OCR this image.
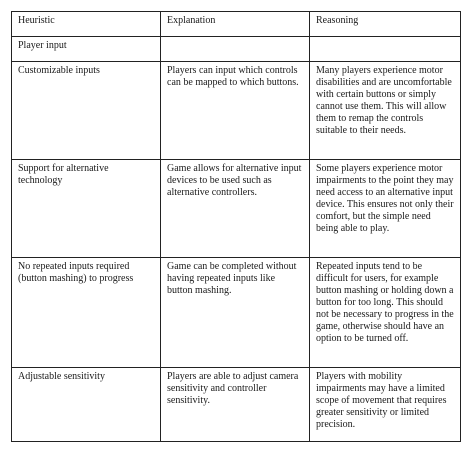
Heuristic	Explanation	Reasoning
Player input		
Customizable inputs	Players can input which controls can be mapped to which buttons.	Many players experience motor disabilities and are uncomfortable with certain buttons or simply cannot use them. This will allow them to remap the controls suitable to their needs.
Support for alternative technology	Game allows for alternative input devices to be used such as alternative controllers.	Some players experience motor impairments to the point they may need access to an alternative input device. This ensures not only their comfort, but the simple need being able to play.
No repeated inputs required (button mashing) to progress	Game can be completed without having repeated inputs like button mashing.	Repeated inputs tend to be difficult for users, for example button mashing or holding down a button for too long. This should not be necessary to progress in the game, otherwise should have an option to be turned off.
Adjustable sensitivity	Players are able to adjust camera sensitivity and controller sensitivity.	Players with mobility impairments may have a limited scope of movement that requires greater sensitivity or limited precision.
